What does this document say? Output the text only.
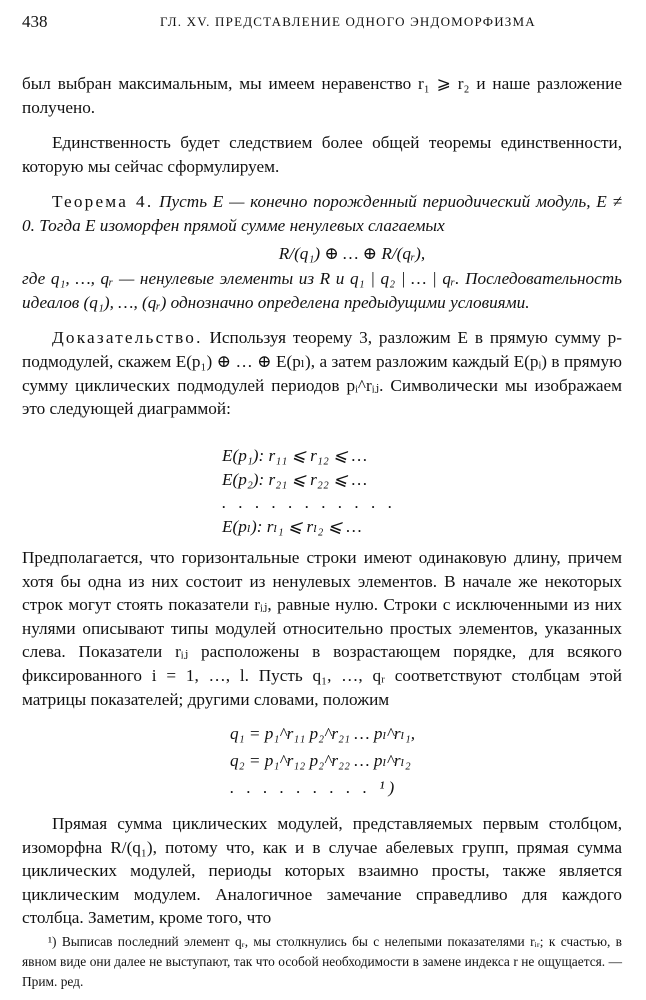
438	ГЛ. XV. ПРЕДСТАВЛЕНИЕ ОДНОГО ЭНДОМОРФИЗМА

был выбран максимальным, мы имеем неравенство r₁ ⩾ r₂ и наше разложение получено.

Единственность будет следствием более общей теоремы единственности, которую мы сейчас сформулируем.

Теорема 4. Пусть E — конечно порожденный периодический модуль, E ≠ 0. Тогда E изоморфен прямой сумме ненулевых слагаемых

R/(q₁) ⊕ … ⊕ R/(qᵣ),

где q₁, …, qᵣ — ненулевые элементы из R и q₁ | q₂ | … | qᵣ. Последовательность идеалов (q₁), …, (qᵣ) однозначно определена предыдущими условиями.

Доказательство. Используя теорему 3, разложим E в прямую сумму p-подмодулей, скажем E(p₁) ⊕ … ⊕ E(pₗ), а затем разложим каждый E(pᵢ) в прямую сумму циклических подмодулей периодов pᵢ^rᵢⱼ. Символически мы изображаем это следующей диаграммой:

E(p₁): r₁₁ ⩽ r₁₂ ⩽ …
E(p₂): r₂₁ ⩽ r₂₂ ⩽ …
. . . . . . . . . . .
E(pₗ): rₗ₁ ⩽ rₗ₂ ⩽ …

Предполагается, что горизонтальные строки имеют одинаковую длину, причем хотя бы одна из них состоит из ненулевых элементов. В начале же некоторых строк могут стоять показатели rᵢⱼ, равные нулю. Строки с исключенными из них нулями описывают типы модулей относительно простых элементов, указанных слева. Показатели rᵢⱼ расположены в возрастающем порядке, для всякого фиксированного i = 1, …, l. Пусть q₁, …, qᵣ соответствуют столбцам этой матрицы показателей; другими словами, положим

q₁ = p₁^r₁₁ p₂^r₂₁ … pₗ^rₗ₁,
q₂ = p₁^r₁₂ p₂^r₂₂ … pₗ^rₗ₂
. . . . . . . . . ¹)

Прямая сумма циклических модулей, представляемых первым столбцом, изоморфна R/(q₁), потому что, как и в случае абелевых групп, прямая сумма циклических модулей, периоды которых взаимно просты, также является циклическим модулем. Аналогичное замечание справедливо для каждого столбца. Заметим, кроме того, что

¹) Выписав последний элемент qᵣ, мы столкнулись бы с нелепыми показателями rᵢᵣ; к счастью, в явном виде они далее не выступают, так что особой необходимости в замене индекса r не ощущается. — Прим. ред.
